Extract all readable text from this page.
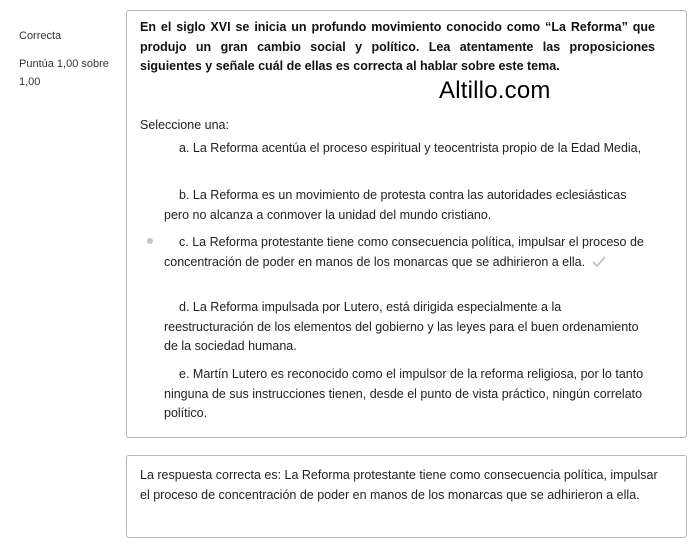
Correcta
Puntúa 1,00 sobre 1,00
En el siglo XVI se inicia un profundo movimiento conocido como “La Reforma” que produjo un gran cambio social y político. Lea atentamente las proposiciones siguientes y señale cuál de ellas es correcta al hablar sobre este tema.
Altillo.com
Seleccione una:
a. La Reforma acentúa el proceso espiritual y teocentrista propio de la Edad Media,
b. La Reforma es un movimiento de protesta contra las autoridades eclesiásticas pero no alcanza a conmover la unidad del mundo cristiano.
c. La Reforma protestante tiene como consecuencia política, impulsar el proceso de concentración de poder en manos de los monarcas que se adhirieron a ella.
d. La Reforma impulsada por Lutero, está dirigida especialmente a la reestructuración de los elementos del gobierno y las leyes para el buen ordenamiento de la sociedad humana.
e. Martín Lutero es reconocido como el impulsor de la reforma religiosa, por lo tanto ninguna de sus instrucciones tienen, desde el punto de vista práctico, ningún correlato político.
La respuesta correcta es: La Reforma protestante tiene como consecuencia política, impulsar el proceso de concentración de poder en manos de los monarcas que se adhirieron a ella.
